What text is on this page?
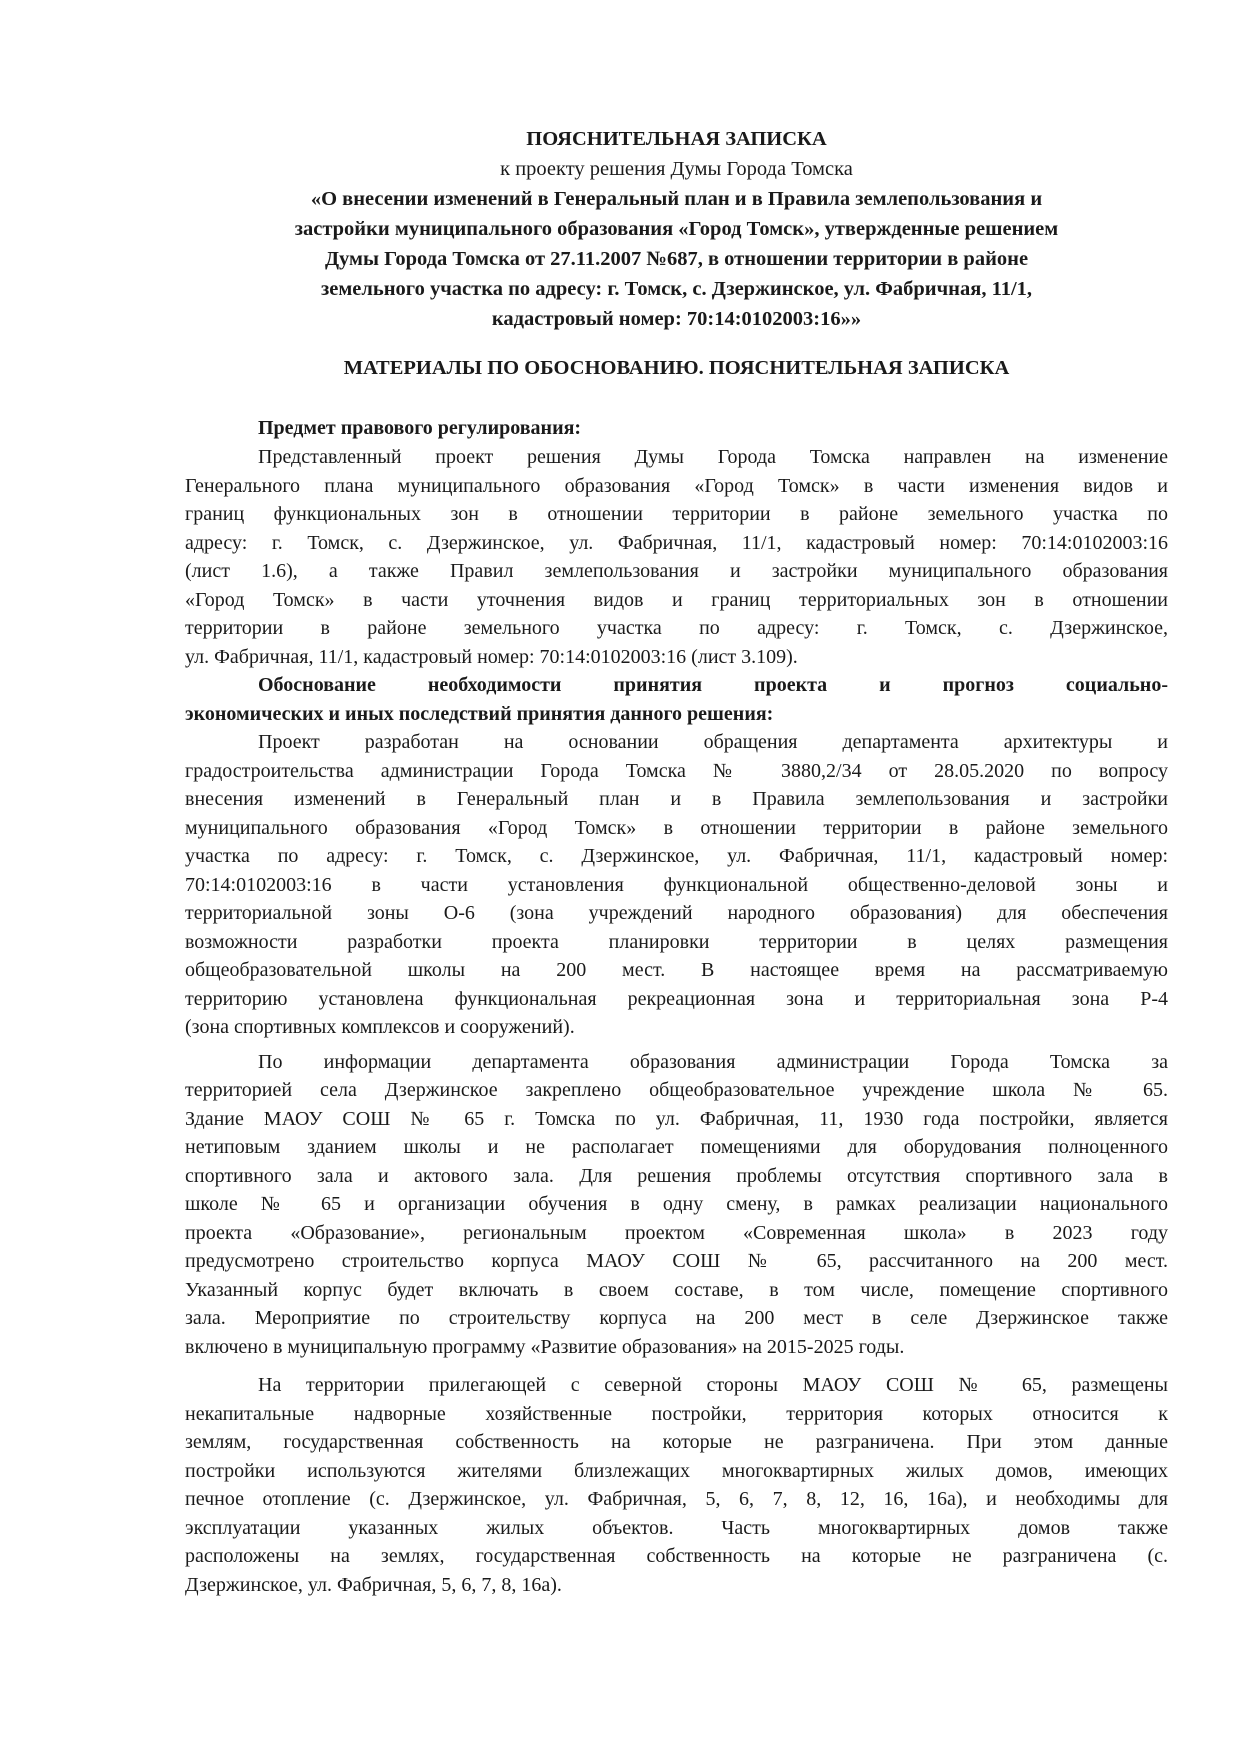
ПОЯСНИТЕЛЬНАЯ ЗАПИСКА
к проекту решения Думы Города Томска
«О внесении изменений в Генеральный план и в Правила землепользования и
застройки муниципального образования «Город Томск», утвержденные решением
Думы Города Томска от 27.11.2007 №687, в отношении территории в районе
земельного участка по адресу: г. Томск, с. Дзержинское, ул. Фабричная, 11/1,
кадастровый номер: 70:14:0102003:16»»
МАТЕРИАЛЫ ПО ОБОСНОВАНИЮ. ПОЯСНИТЕЛЬНАЯ ЗАПИСКА
Предмет правового регулирования:
Представленный проект решения Думы Города Томска направлен на изменение
Генерального плана муниципального образования «Город Томск» в части изменения видов и
границ функциональных зон в отношении территории в районе земельного участка по
адресу: г. Томск, с. Дзержинское, ул. Фабричная, 11/1, кадастровый номер: 70:14:0102003:16
(лист 1.6), а также Правил землепользования и застройки муниципального образования
«Город Томск» в части уточнения видов и границ территориальных зон в отношении
территории в районе земельного участка по адресу: г. Томск, с. Дзержинское,
ул. Фабричная, 11/1, кадастровый номер: 70:14:0102003:16 (лист 3.109).
Обоснование необходимости принятия проекта и прогноз социально-
экономических и иных последствий принятия данного решения:
Проект разработан на основании обращения департамента архитектуры и
градостроительства администрации Города Томска № 3880,2/34 от 28.05.2020 по вопросу
внесения изменений в Генеральный план и в Правила землепользования и застройки
муниципального образования «Город Томск» в отношении территории в районе земельного
участка по адресу: г. Томск, с. Дзержинское, ул. Фабричная, 11/1, кадастровый номер:
70:14:0102003:16 в части установления функциональной общественно-деловой зоны и
территориальной зоны О-6 (зона учреждений народного образования) для обеспечения
возможности разработки проекта планировки территории в целях размещения
общеобразовательной школы на 200 мест. В настоящее время на рассматриваемую
территорию установлена функциональная рекреационная зона и территориальная зона Р-4
(зона спортивных комплексов и сооружений).
По информации департамента образования администрации Города Томска за
территорией села Дзержинское закреплено общеобразовательное учреждение школа № 65.
Здание МАОУ СОШ № 65 г. Томска по ул. Фабричная, 11, 1930 года постройки, является
нетиповым зданием школы и не располагает помещениями для оборудования полноценного
спортивного зала и актового зала. Для решения проблемы отсутствия спортивного зала в
школе № 65 и организации обучения в одну смену, в рамках реализации национального
проекта «Образование», региональным проектом «Современная школа» в 2023 году
предусмотрено строительство корпуса МАОУ СОШ № 65, рассчитанного на 200 мест.
Указанный корпус будет включать в своем составе, в том числе, помещение спортивного
зала. Мероприятие по строительству корпуса на 200 мест в селе Дзержинское также
включено в муниципальную программу «Развитие образования» на 2015-2025 годы.
На территории прилегающей с северной стороны МАОУ СОШ № 65, размещены
некапитальные надворные хозяйственные постройки, территория которых относится к
землям, государственная собственность на которые не разграничена. При этом данные
постройки используются жителями близлежащих многоквартирных жилых домов, имеющих
печное отопление (с. Дзержинское, ул. Фабричная, 5, 6, 7, 8, 12, 16, 16а), и необходимы для
эксплуатации указанных жилых объектов. Часть многоквартирных домов также
расположены на землях, государственная собственность на которые не разграничена (с.
Дзержинское, ул. Фабричная, 5, 6, 7, 8, 16а).
